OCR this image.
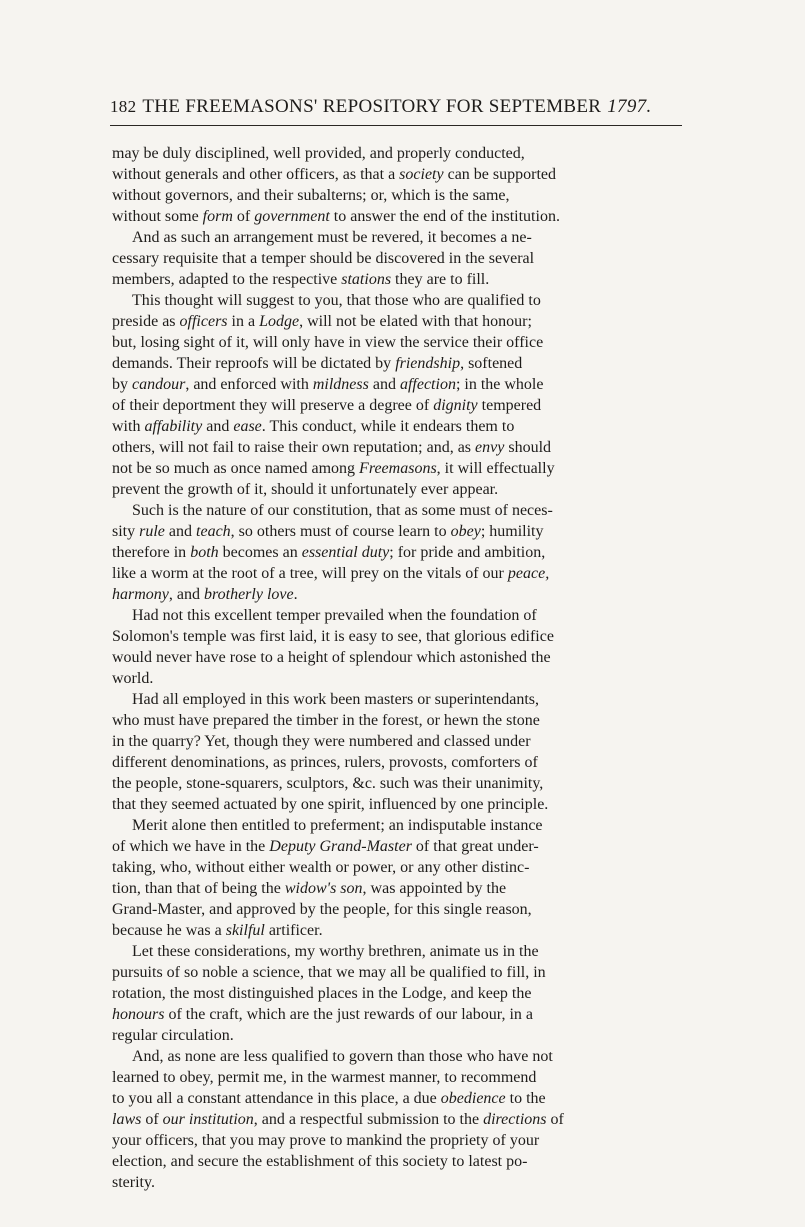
182 THE FREEMASONS' REPOSITORY FOR SEPTEMBER 1797.
may be duly disciplined, well provided, and properly conducted,
without generals and other officers, as that a society can be supported
without governors, and their subalterns; or, which is the same,
without some form of government to answer the end of the institution.
And as such an arrangement must be revered, it becomes a ne-
cessary requisite that a temper should be discovered in the several
members, adapted to the respective stations they are to fill.
This thought will suggest to you, that those who are qualified to
preside as officers in a Lodge, will not be elated with that honour;
but, losing sight of it, will only have in view the service their office
demands. Their reproofs will be dictated by friendship, softened
by candour, and enforced with mildness and affection; in the whole
of their deportment they will preserve a degree of dignity tempered
with affability and ease. This conduct, while it endears them to
others, will not fail to raise their own reputation; and, as envy should
not be so much as once named among Freemasons, it will effectually
prevent the growth of it, should it unfortunately ever appear.
Such is the nature of our constitution, that as some must of neces-
sity rule and teach, so others must of course learn to obey; humility
therefore in both becomes an essential duty; for pride and ambition,
like a worm at the root of a tree, will prey on the vitals of our peace,
harmony, and brotherly love.
Had not this excellent temper prevailed when the foundation of
Solomon's temple was first laid, it is easy to see, that glorious edifice
would never have rose to a height of splendour which astonished the
world.
Had all employed in this work been masters or superintendants,
who must have prepared the timber in the forest, or hewn the stone
in the quarry? Yet, though they were numbered and classed under
different denominations, as princes, rulers, provosts, comforters of
the people, stone-squarers, sculptors, &c. such was their unanimity,
that they seemed actuated by one spirit, influenced by one principle.
Merit alone then entitled to preferment; an indisputable instance
of which we have in the Deputy Grand-Master of that great under-
taking, who, without either wealth or power, or any other distinc-
tion, than that of being the widow's son, was appointed by the
Grand-Master, and approved by the people, for this single reason,
because he was a skilful artificer.
Let these considerations, my worthy brethren, animate us in the
pursuits of so noble a science, that we may all be qualified to fill, in
rotation, the most distinguished places in the Lodge, and keep the
honours of the craft, which are the just rewards of our labour, in a
regular circulation.
And, as none are less qualified to govern than those who have not
learned to obey, permit me, in the warmest manner, to recommend
to you all a constant attendance in this place, a due obedience to the
laws of our institution, and a respectful submission to the directions of
your officers, that you may prove to mankind the propriety of your
election, and secure the establishment of this society to latest po-
sterity.
